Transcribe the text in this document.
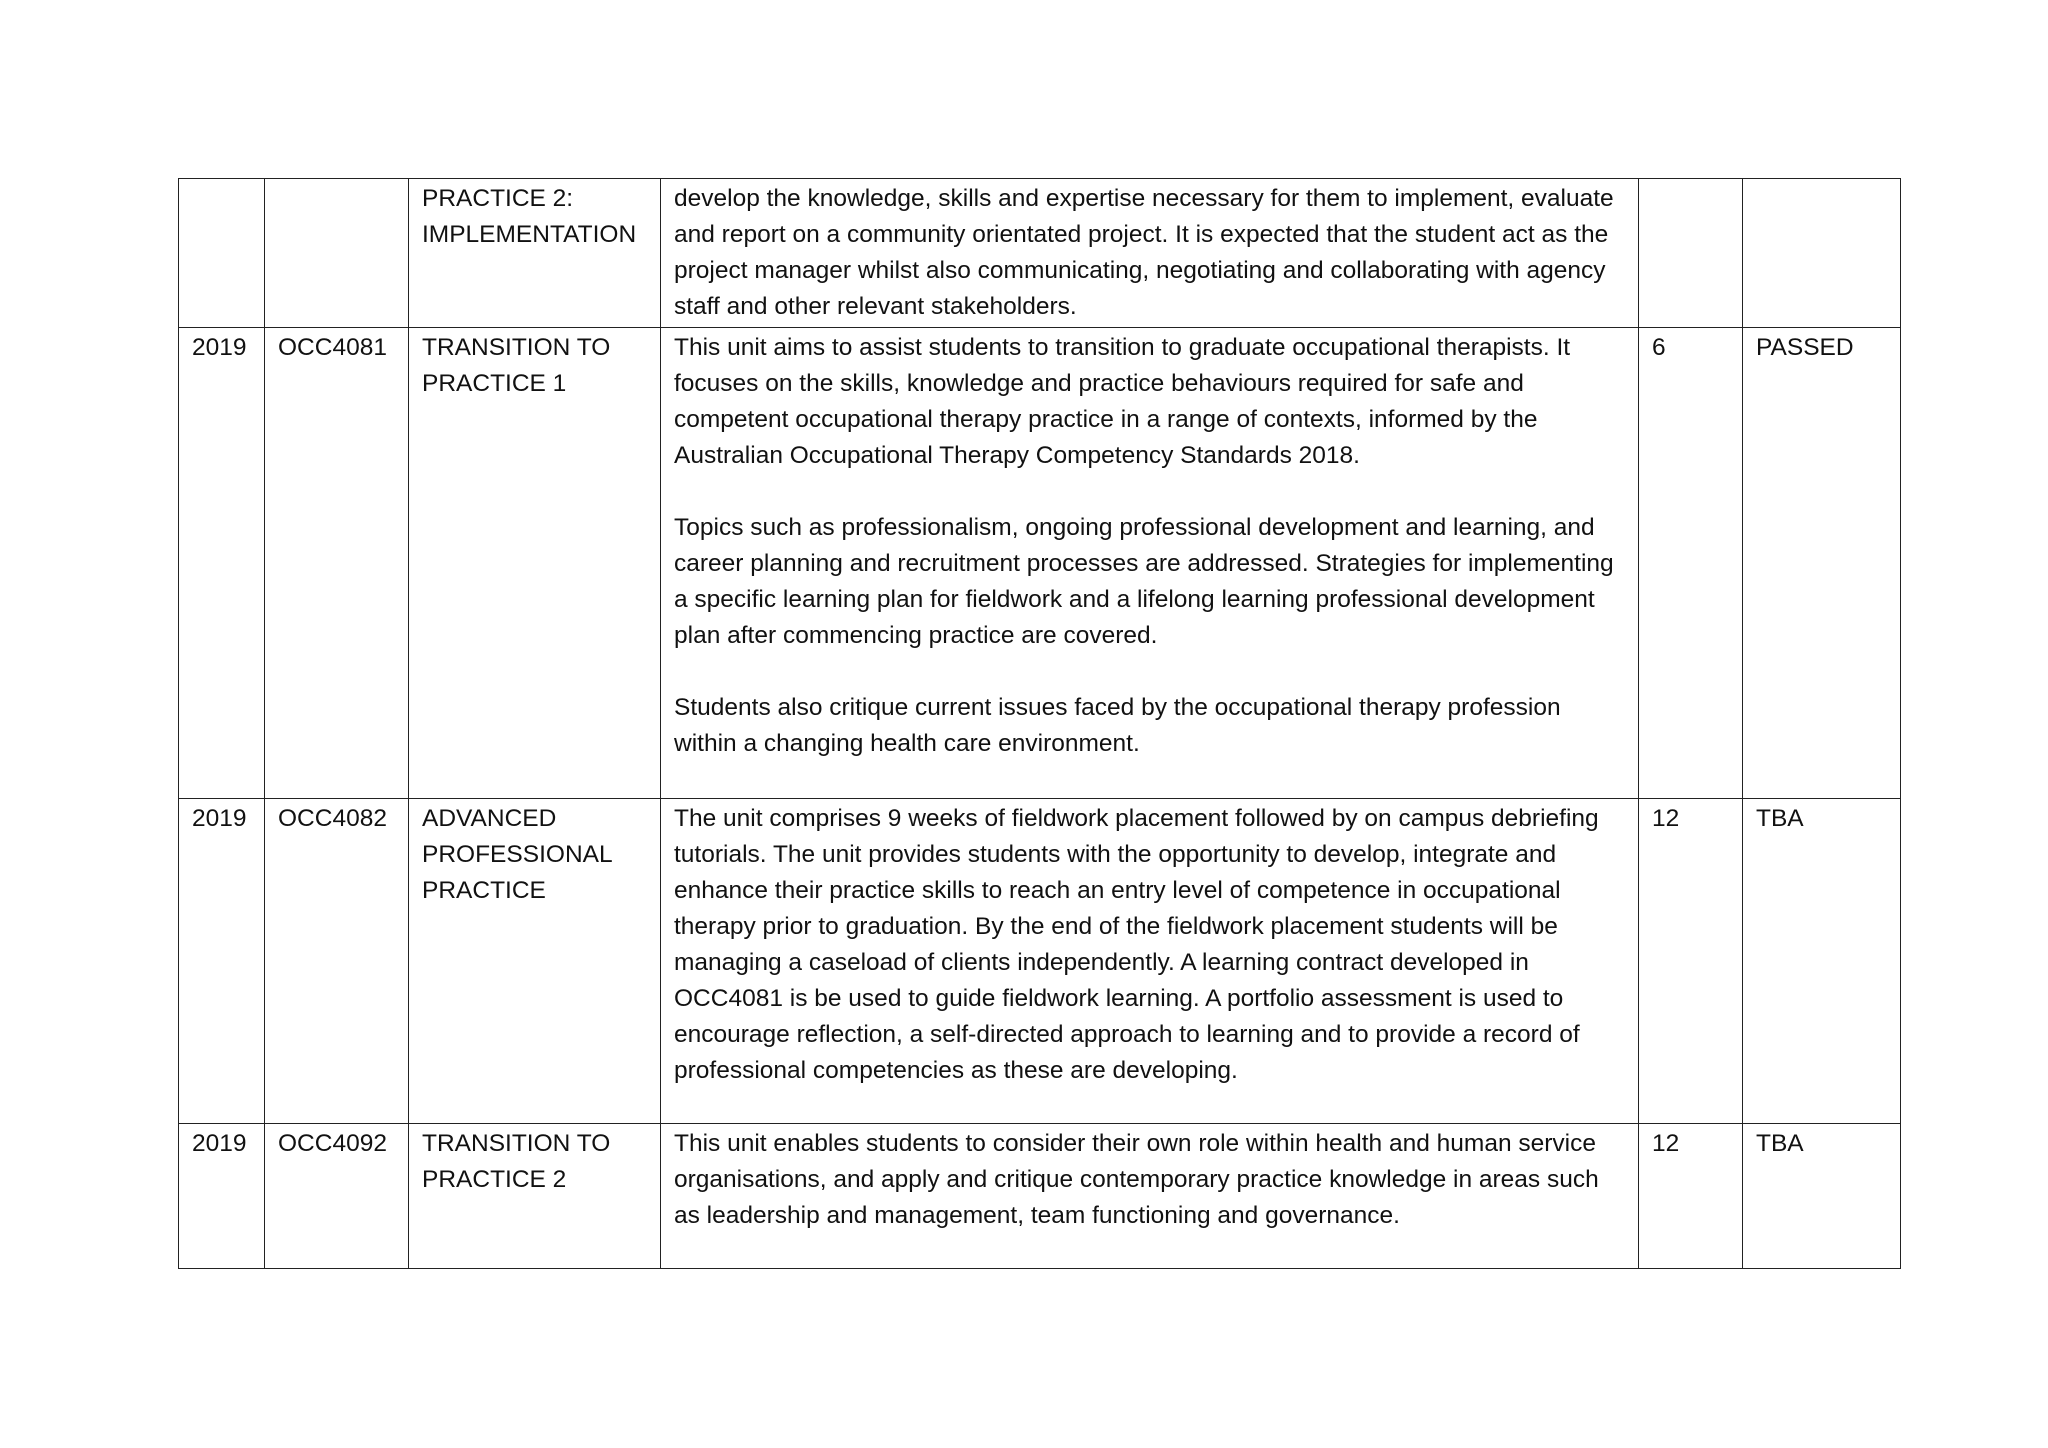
		PRACTICE 2: IMPLEMENTATION	develop the knowledge, skills and expertise necessary for them to implement, evaluate and report on a community orientated project. It is expected that the student act as the project manager whilst also communicating, negotiating and collaborating with agency staff and other relevant stakeholders.		

2019	OCC4081	TRANSITION TO PRACTICE 1	This unit aims to assist students to transition to graduate occupational therapists. It focuses on the skills, knowledge and practice behaviours required for safe and competent occupational therapy practice in a range of contexts, informed by the Australian Occupational Therapy Competency Standards 2018.

Topics such as professionalism, ongoing professional development and learning, and career planning and recruitment processes are addressed. Strategies for implementing a specific learning plan for fieldwork and a lifelong learning professional development plan after commencing practice are covered.

Students also critique current issues faced by the occupational therapy profession within a changing health care environment.	6	PASSED
2019	OCC4082	ADVANCED PROFESSIONAL PRACTICE	The unit comprises 9 weeks of fieldwork placement followed by on campus debriefing tutorials. The unit provides students with the opportunity to develop, integrate and enhance their practice skills to reach an entry level of competence in occupational therapy prior to graduation. By the end of the fieldwork placement students will be managing a caseload of clients independently. A learning contract developed in OCC4081 is be used to guide fieldwork learning. A portfolio assessment is used to encourage reflection, a self-directed approach to learning and to provide a record of professional competencies as these are developing.	12	TBA
2019	OCC4092	TRANSITION TO PRACTICE 2	This unit enables students to consider their own role within health and human service organisations, and apply and critique contemporary practice knowledge in areas such as leadership and management, team functioning and governance.	12	TBA
